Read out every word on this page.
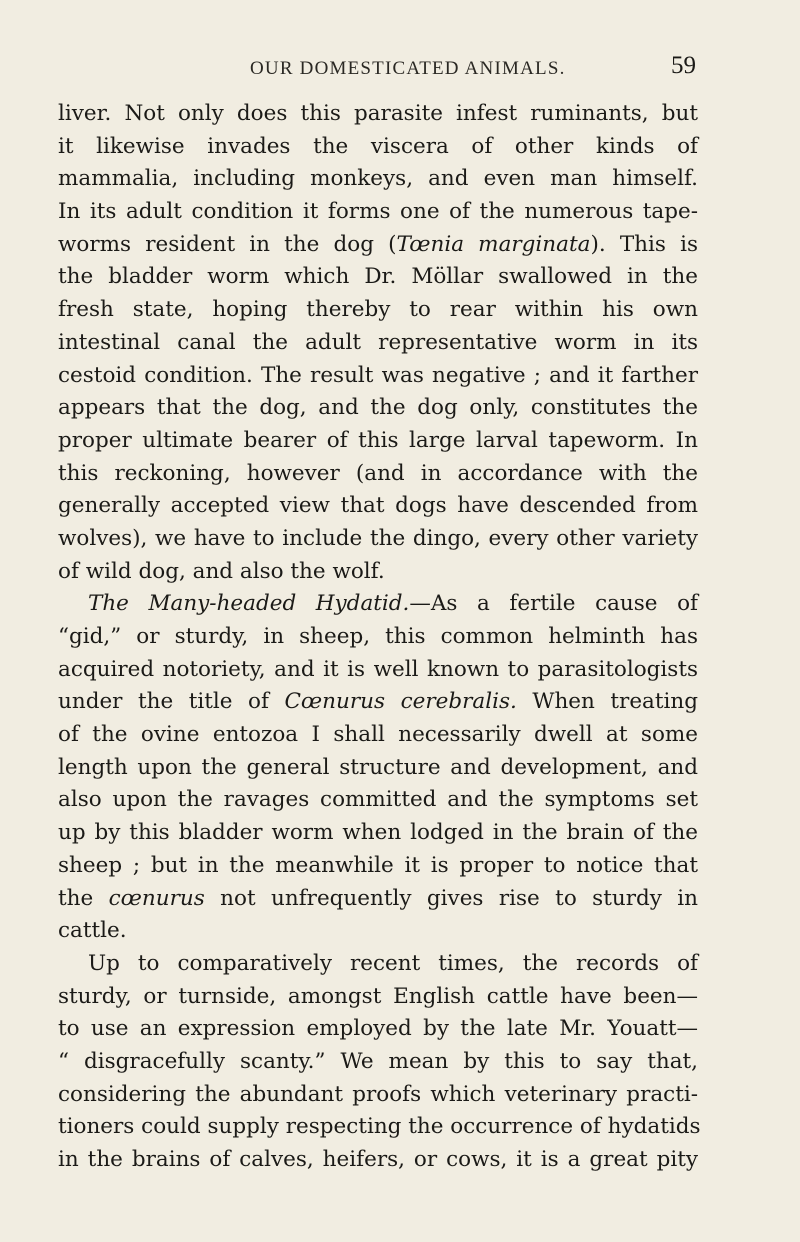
OUR DOMESTICATED ANIMALS.	59
liver. Not only does this parasite infest ruminants, but
it likewise invades the viscera of other kinds of
mammalia, including monkeys, and even man himself.
In its adult condition it forms one of the numerous tape-
worms resident in the dog (Tœnia marginata). This is
the bladder worm which Dr. Möllar swallowed in the
fresh state, hoping thereby to rear within his own
intestinal canal the adult representative worm in its
cestoid condition. The result was negative ; and it farther
appears that the dog, and the dog only, constitutes the
proper ultimate bearer of this large larval tapeworm. In
this reckoning, however (and in accordance with the
generally accepted view that dogs have descended from
wolves), we have to include the dingo, every other variety
of wild dog, and also the wolf.
The Many-headed Hydatid.—As a fertile cause of
“gid,” or sturdy, in sheep, this common helminth has
acquired notoriety, and it is well known to parasitologists
under the title of Cœnurus cerebralis. When treating
of the ovine entozoa I shall necessarily dwell at some
length upon the general structure and development, and
also upon the ravages committed and the symptoms set
up by this bladder worm when lodged in the brain of the
sheep ; but in the meanwhile it is proper to notice that
the cœnurus not unfrequently gives rise to sturdy in
cattle.
Up to comparatively recent times, the records of
sturdy, or turnside, amongst English cattle have been—
to use an expression employed by the late Mr. Youatt—
“ disgracefully scanty.” We mean by this to say that,
considering the abundant proofs which veterinary practi-
tioners could supply respecting the occurrence of hydatids
in the brains of calves, heifers, or cows, it is a great pity
